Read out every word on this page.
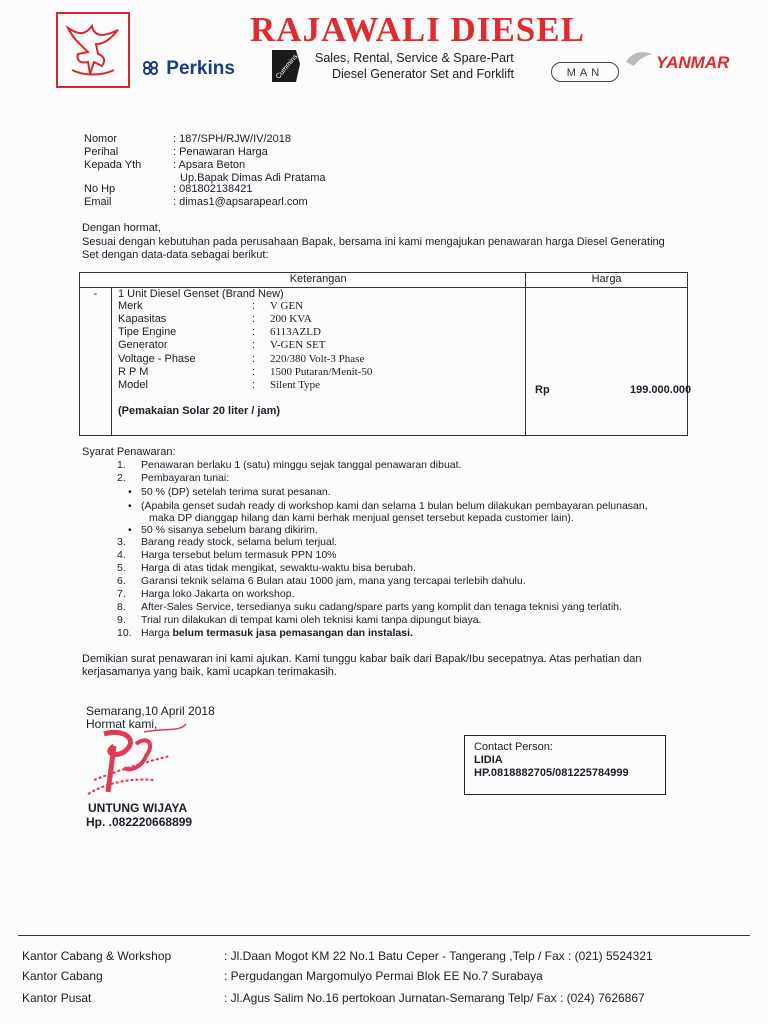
RAJAWALI DIESEL
Perkins	Cummins Sales, Rental, Service & Spare-Part
Diesel Generator Set and Forklift	MAN
YANMAR
Nomor	: 187/SPH/RJW/IV/2018
Perihal	: Penawaran Harga
Kepada Yth	: Apsara Beton
Up.Bapak Dimas Adi Pratama
No Hp	: 081802138421
Email	: dimas1@apsarapearl.com
Dengan hormat,
Sesuai dengan kebutuhan pada perusahaan Bapak, bersama ini kami mengajukan penawaran harga Diesel Generating
Set dengan data-data sebagai berikut:
	Keterangan	Harga
-		1 Unit Diesel Genset (Brand New)
Merk	: V GEN
Kapasitas	: 200 KVA
Tipe Engine	: 6113AZLD
Generator	: V-GEN SET
Voltage - Phase	: 220/380 Volt-3 Phase
R P M	: 1500 Putaran/Menit-50
Model	: Silent Type
(Pemakaian Solar 20 liter / jam)
Rp	199.000.000
Syarat Penawaran:
1. Penawaran berlaku 1 (satu) minggu sejak tanggal penawaran dibuat.
2. Pembayaran tunai:
• 50 % (DP) setelah terima surat pesanan.
• (Apabila genset sudah ready di workshop kami dan selama 1 bulan belum dilakukan pembayaran pelunasan,
maka DP dianggap hilang dan kami berhak menjual genset tersebut kepada customer lain).
• 50 % sisanya sebelum barang dikirim.
3. Barang ready stock, selama belum terjual.
4. Harga tersebut belum termasuk PPN 10%
5. Harga di atas tidak mengikat, sewaktu-waktu bisa berubah.
6. Garansi teknik selama 6 Bulan atau 1000 jam, mana yang tercapai terlebih dahulu.
7. Harga loko Jakarta on workshop.
8. After-Sales Service, tersedianya suku cadang/spare parts yang komplit dan tenaga teknisi yang terlatih.
9. Trial run dilakukan di tempat kami oleh teknisi kami tanpa dipungut biaya.
10. Harga belum termasuk jasa pemasangan dan instalasi.
Demikian surat penawaran ini kami ajukan. Kami tunggu kabar baik dari Bapak/Ibu secepatnya. Atas perhatian dan
kerjasamanya yang baik, kami ucapkan terimakasih.
Semarang,10 April 2018
Hormat kami,
UNTUNG WIJAYA
Hp. .082220668899
Contact Person:
LIDIA
HP.0818882705/081225784999
Kantor Cabang & Workshop	: Jl.Daan Mogot KM 22 No.1 Batu Ceper - Tangerang ,Telp / Fax : (021) 5524321
Kantor Cabang	: Pergudangan Margomulyo Permai Blok EE No.7 Surabaya
Kantor Pusat	: Jl.Agus Salim No.16 pertokoan Jurnatan-Semarang Telp/ Fax : (024) 7626867
